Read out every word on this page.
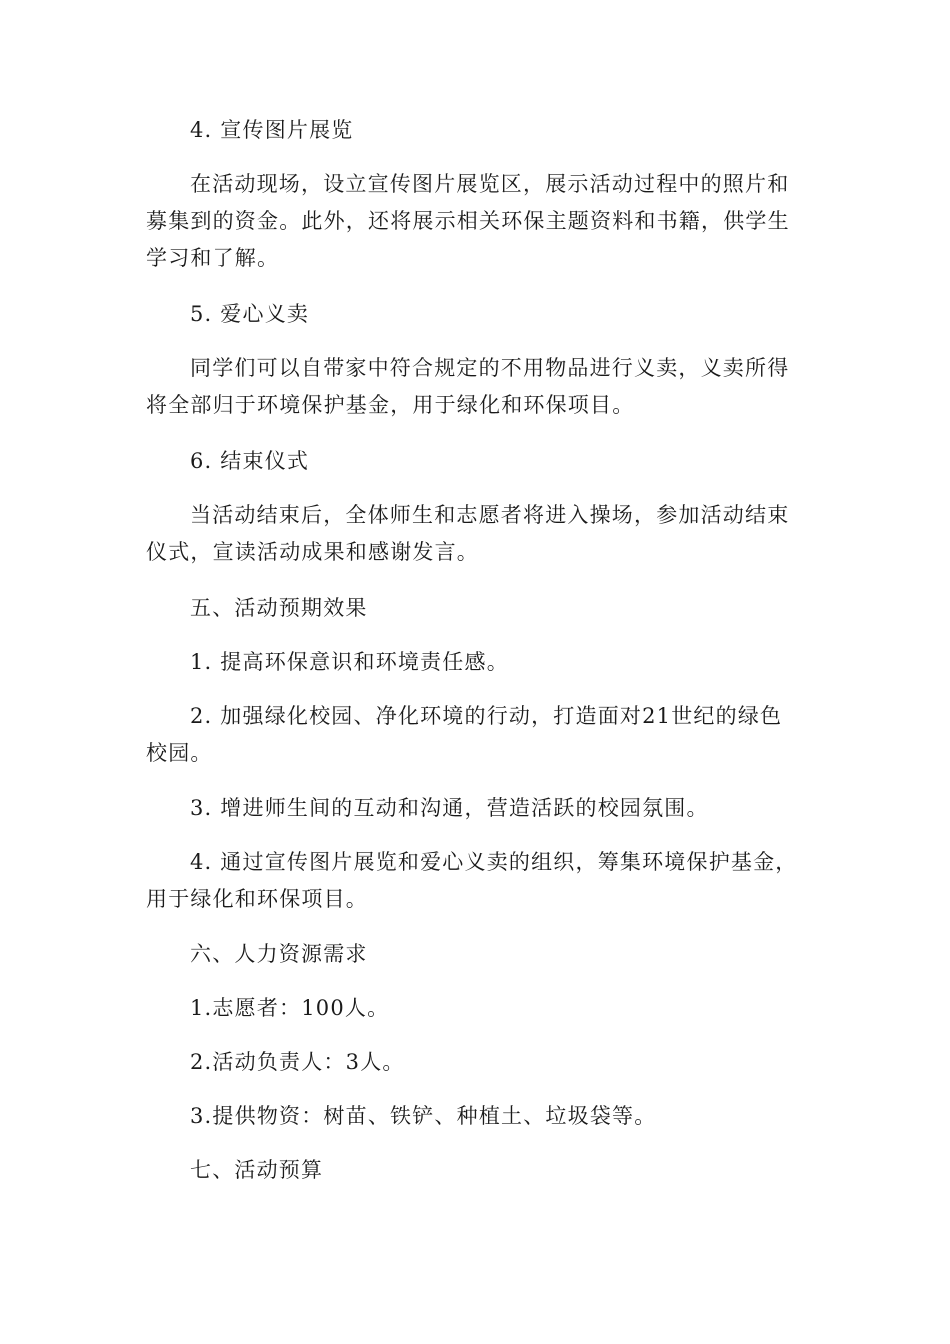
4. 宣传图片展览

在活动现场，设立宣传图片展览区，展示活动过程中的照片和募集到的资金。此外，还将展示相关环保主题资料和书籍，供学生学习和了解。

5. 爱心义卖

同学们可以自带家中符合规定的不用物品进行义卖，义卖所得将全部归于环境保护基金，用于绿化和环保项目。

6. 结束仪式

当活动结束后，全体师生和志愿者将进入操场，参加活动结束仪式，宣读活动成果和感谢发言。

五、活动预期效果

1. 提高环保意识和环境责任感。

2. 加强绿化校园、净化环境的行动，打造面对21世纪的绿色校园。

3. 增进师生间的互动和沟通，营造活跃的校园氛围。

4. 通过宣传图片展览和爱心义卖的组织，筹集环境保护基金，用于绿化和环保项目。

六、人力资源需求

1.志愿者：100人。

2.活动负责人：3人。

3.提供物资：树苗、铁铲、种植土、垃圾袋等。

七、活动预算
